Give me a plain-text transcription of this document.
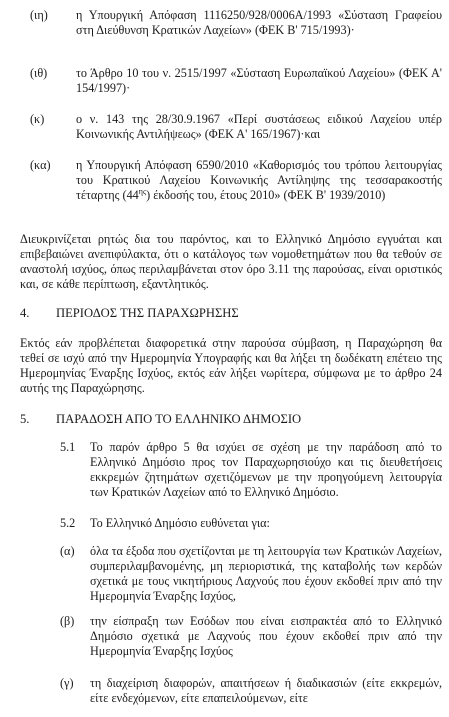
(ιη)	η Υπουργική Απόφαση 1116250/928/0006Α/1993 «Σύσταση Γραφείου στη Διεύθυνση Κρατικών Λαχείων» (ΦΕΚ Β' 715/1993)·
(ιθ)	το Άρθρο 10 του ν. 2515/1997 «Σύσταση Ευρωπαϊκού Λαχείου» (ΦΕΚ Α' 154/1997)·
(κ)	ο ν. 143 της 28/30.9.1967 «Περί συστάσεως ειδικού Λαχείου υπέρ Κοινωνικής Αντιλήψεως» (ΦΕΚ Α' 165/1967)·και
(κα)	η Υπουργική Απόφαση 6590/2010 «Καθορισμός του τρόπου λειτουργίας του Κρατικού Λαχείου Κοινωνικής Αντίληψης της τεσσαρακοστής τέταρτης $(44^{\eta\varsigma})$ έκδοσής του, έτους 2010» (ΦΕΚ Β' 1939/2010)
Διευκρινίζεται ρητώς δια του παρόντος, και το Ελληνικό Δημόσιο εγγυάται και επιβεβαιώνει ανεπιφύλακτα, ότι ο κατάλογος των νομοθετημάτων που θα τεθούν σε αναστολή ισχύος, όπως περιλαμβάνεται στον όρο 3.11 της παρούσας, είναι οριστικός και, σε κάθε περίπτωση, εξαντλητικός.
4.	ΠΕΡΙΟΔΟΣ ΤΗΣ ΠΑΡΑΧΩΡΗΣΗΣ
Εκτός εάν προβλέπεται διαφορετικά στην παρούσα σύμβαση, η Παραχώρηση θα τεθεί σε ισχύ από την Ημερομηνία Υπογραφής και θα λήξει τη δωδέκατη επέτειο της Ημερομηνίας Έναρξης Ισχύος, εκτός εάν λήξει νωρίτερα, σύμφωνα με το άρθρο 24 αυτής της Παραχώρησης.
5.	ΠΑΡΑΔΟΣΗ ΑΠΟ ΤΟ ΕΛΛΗΝΙΚΟ ΔΗΜΟΣΙΟ
5.1	Το παρόν άρθρο 5 θα ισχύει σε σχέση με την παράδοση από το Ελληνικό Δημόσιο προς τον Παραχωρησιούχο και τις διευθετήσεις εκκρεμών ζητημάτων σχετιζόμενων με την προηγούμενη λειτουργία των Κρατικών Λαχείων από το Ελληνικό Δημόσιο.
5.2	Το Ελληνικό Δημόσιο ευθύνεται για:
(α)	όλα τα έξοδα που σχετίζονται με τη λειτουργία των Κρατικών Λαχείων, συμπεριλαμβανομένης, μη περιοριστικά, της καταβολής των κερδών σχετικά με τους νικητήριους Λαχνούς που έχουν εκδοθεί πριν από την Ημερομηνία Έναρξης Ισχύος,
(β)	την είσπραξη των Εσόδων που είναι εισπρακτέα από το Ελληνικό Δημόσιο σχετικά με Λαχνούς που έχουν εκδοθεί πριν από την Ημερομηνία Έναρξης Ισχύος
(γ)	τη διαχείριση διαφορών, απαιτήσεων ή διαδικασιών (είτε εκκρεμών, είτε ενδεχόμενων, είτε επαπειλούμενων, είτε
